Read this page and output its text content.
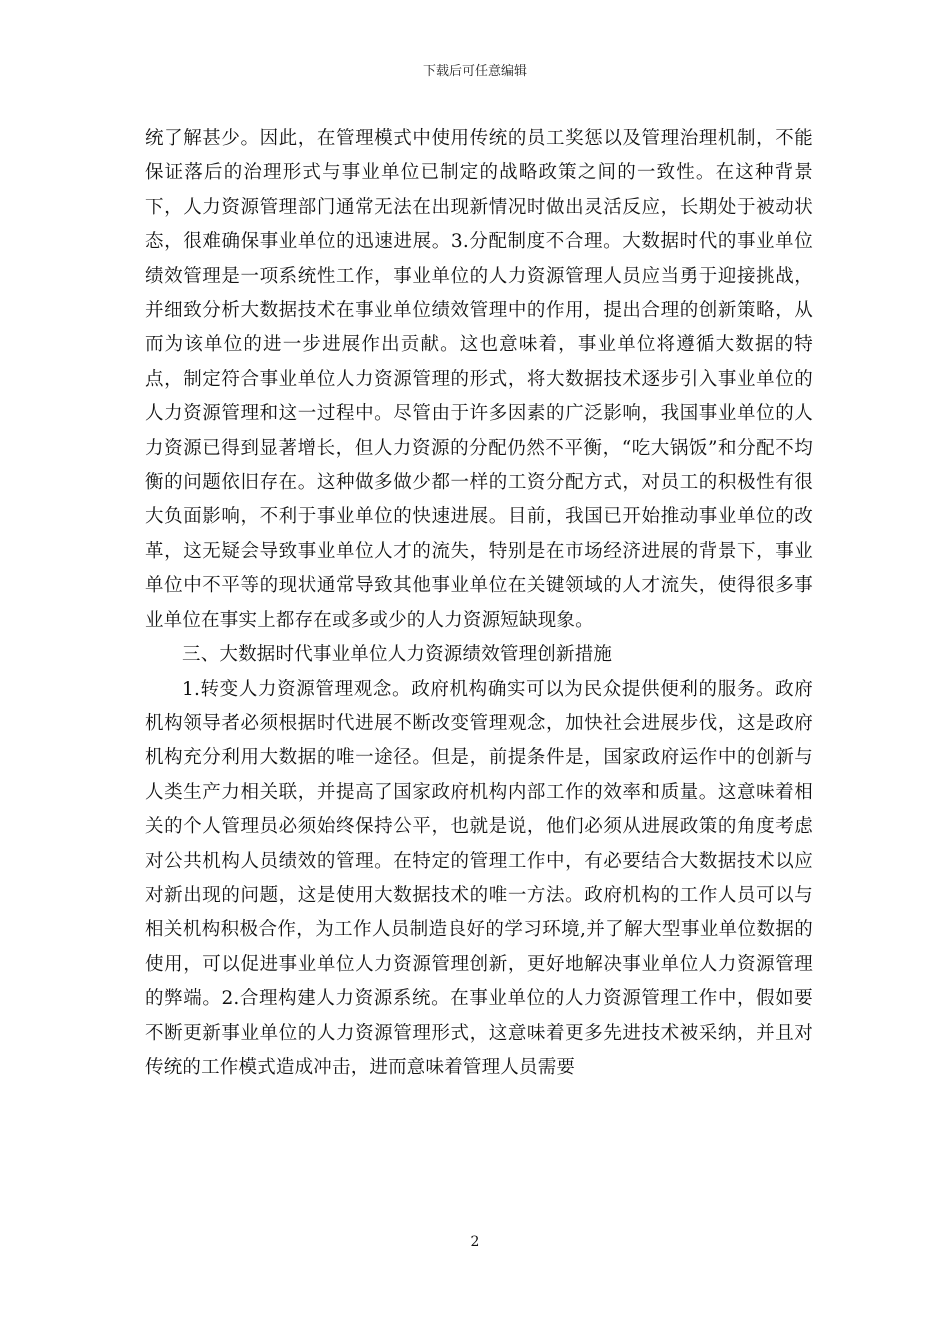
下载后可任意编辑

统了解甚少。因此，在管理模式中使用传统的员工奖惩以及管理治理机制，不能保证落后的治理形式与事业单位已制定的战略政策之间的一致性。在这种背景下，人力资源管理部门通常无法在出现新情况时做出灵活反应，长期处于被动状态，很难确保事业单位的迅速进展。3.分配制度不合理。大数据时代的事业单位绩效管理是一项系统性工作，事业单位的人力资源管理人员应当勇于迎接挑战，并细致分析大数据技术在事业单位绩效管理中的作用，提出合理的创新策略，从而为该单位的进一步进展作出贡献。这也意味着，事业单位将遵循大数据的特点，制定符合事业单位人力资源管理的形式，将大数据技术逐步引入事业单位的人力资源管理和这一过程中。尽管由于许多因素的广泛影响，我国事业单位的人力资源已得到显著增长，但人力资源的分配仍然不平衡，“吃大锅饭”和分配不均衡的问题依旧存在。这种做多做少都一样的工资分配方式，对员工的积极性有很大负面影响，不利于事业单位的快速进展。目前，我国已开始推动事业单位的改革，这无疑会导致事业单位人才的流失，特别是在市场经济进展的背景下，事业单位中不平等的现状通常导致其他事业单位在关键领域的人才流失，使得很多事业单位在事实上都存在或多或少的人力资源短缺现象。

三、大数据时代事业单位人力资源绩效管理创新措施

1.转变人力资源管理观念。政府机构确实可以为民众提供便利的服务。政府机构领导者必须根据时代进展不断改变管理观念，加快社会进展步伐，这是政府机构充分利用大数据的唯一途径。但是，前提条件是，国家政府运作中的创新与人类生产力相关联，并提高了国家政府机构内部工作的效率和质量。这意味着相关的个人管理员必须始终保持公平，也就是说，他们必须从进展政策的角度考虑对公共机构人员绩效的管理。在特定的管理工作中，有必要结合大数据技术以应对新出现的问题，这是使用大数据技术的唯一方法。政府机构的工作人员可以与相关机构积极合作，为工作人员制造良好的学习环境,并了解大型事业单位数据的使用，可以促进事业单位人力资源管理创新，更好地解决事业单位人力资源管理的弊端。2.合理构建人力资源系统。在事业单位的人力资源管理工作中，假如要不断更新事业单位的人力资源管理形式，这意味着更多先进技术被采纳，并且对传统的工作模式造成冲击，进而意味着管理人员需要

2
